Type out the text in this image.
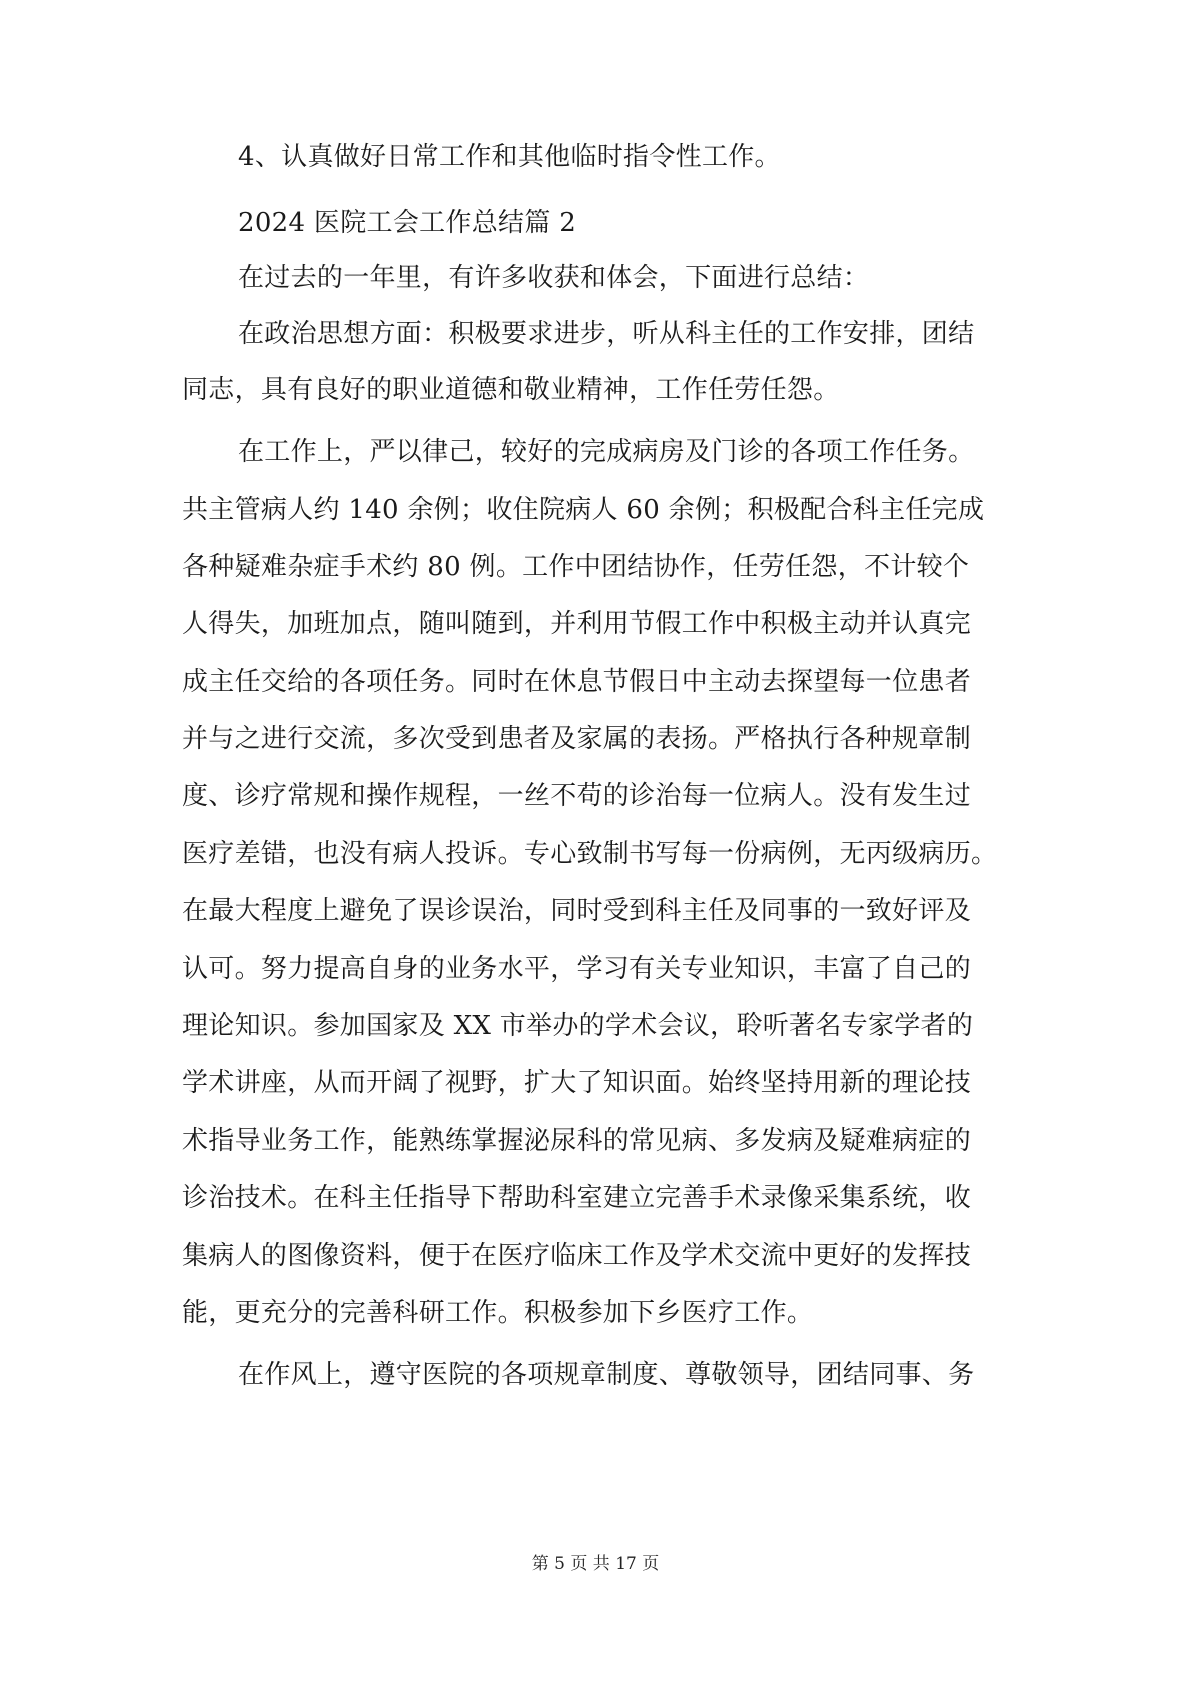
4、认真做好日常工作和其他临时指令性工作。
2024 医院工会工作总结篇 2
在过去的一年里，有许多收获和体会，下面进行总结：
在政治思想方面：积极要求进步，听从科主任的工作安排，团结
同志，具有良好的职业道德和敬业精神，工作任劳任怨。
在工作上，严以律己，较好的完成病房及门诊的各项工作任务。
共主管病人约 140 余例；收住院病人 60 余例；积极配合科主任完成
各种疑难杂症手术约 80 例。工作中团结协作，任劳任怨，不计较个
人得失，加班加点，随叫随到，并利用节假工作中积极主动并认真完
成主任交给的各项任务。同时在休息节假日中主动去探望每一位患者
并与之进行交流，多次受到患者及家属的表扬。严格执行各种规章制
度、诊疗常规和操作规程，一丝不苟的诊治每一位病人。没有发生过
医疗差错，也没有病人投诉。专心致制书写每一份病例，无丙级病历。
在最大程度上避免了误诊误治，同时受到科主任及同事的一致好评及
认可。努力提高自身的业务水平，学习有关专业知识，丰富了自己的
理论知识。参加国家及 XX 市举办的学术会议，聆听著名专家学者的
学术讲座，从而开阔了视野，扩大了知识面。始终坚持用新的理论技
术指导业务工作，能熟练掌握泌尿科的常见病、多发病及疑难病症的
诊治技术。在科主任指导下帮助科室建立完善手术录像采集系统，收
集病人的图像资料，便于在医疗临床工作及学术交流中更好的发挥技
能，更充分的完善科研工作。积极参加下乡医疗工作。
在作风上，遵守医院的各项规章制度、尊敬领导，团结同事、务
第 5 页 共 17 页
